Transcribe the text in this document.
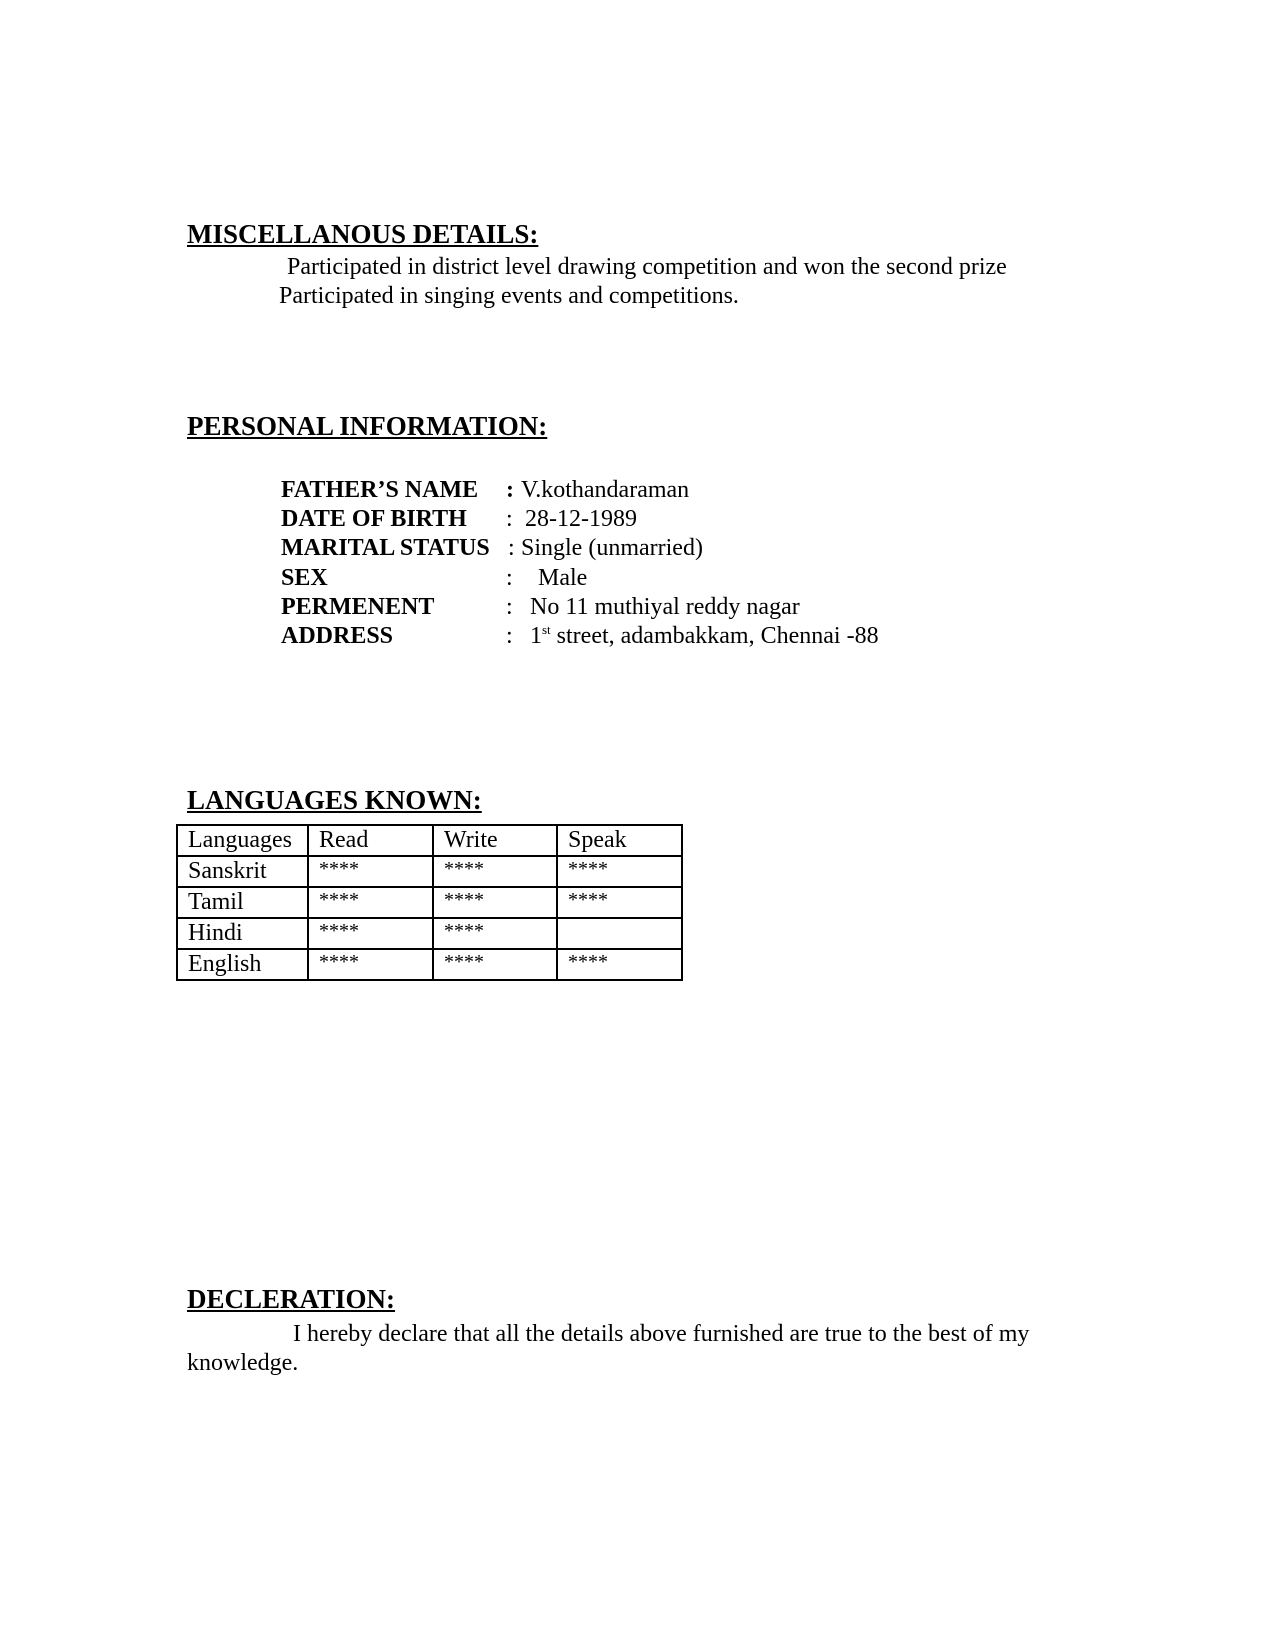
MISCELLANOUS DETAILS:

Participated in district level drawing competition and won the second prize

Participated in singing events and competitions.

PERSONAL INFORMATION:
FATHER’S NAME : V.kothandaraman
DATE OF BIRTH : 28-12-1989
MARITAL STATUS : Single (unmarried)
SEX	: Male
PERMENENT	: No 11 muthiyal reddy nagar
ADDRESS	: 1st street, adambakkam, Chennai -88
LANGUAGES KNOWN:
Languages	Read	Write	Speak
Sanskrit	****	****	****
Tamil	****	****	****
Hindi	****	****	
English	****	****	****
DECLERATION:

I hereby declare that all the details above furnished are true to the best of my

knowledge.
